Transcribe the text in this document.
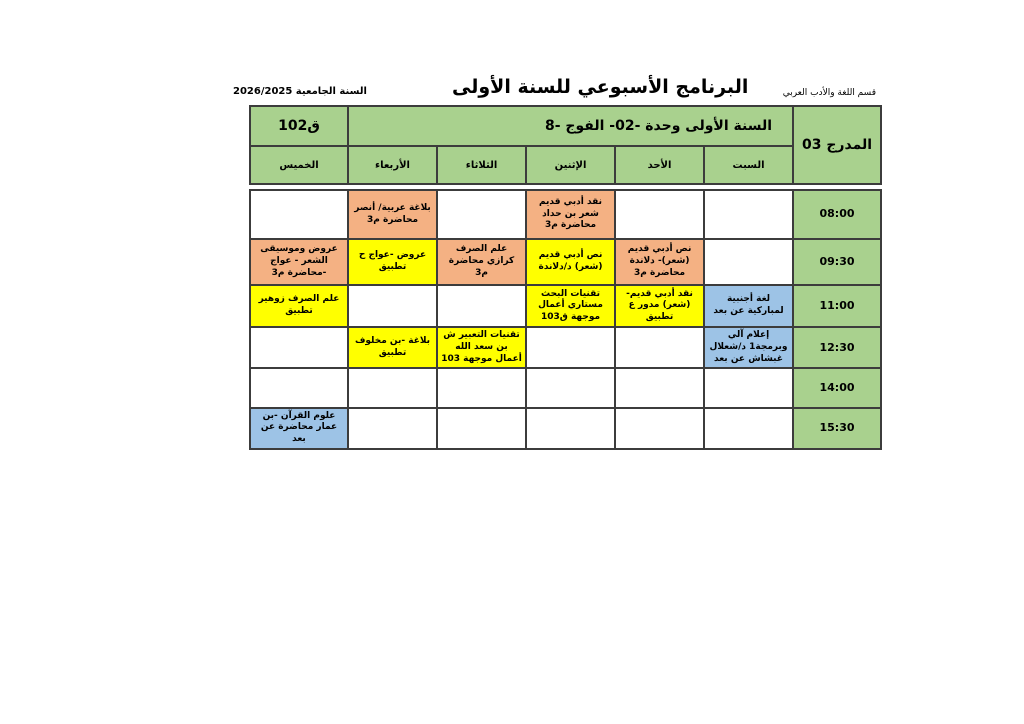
السنة الجامعية 2026/2025	البرنامج الأسبوعي للسنة الأولى	قسم اللغة والأدب العربي
المدرج 03	السنة الأولى وحدة -02- الفوج -8					ق102
	السبت	الأحد	الإثنين	الثلاثاء	الأربعاء	الخميس

08:00			نقد أدبي قديم شعر بن حداد محاضرة م3		بلاغة عربية/ أنصر محاضرة م3	
09:30		نص أدبي قديم (شعر)- دلاندة محاضرة م3	نص أدبي قديم (شعر) د/دلاندة	علم الصرف كرازي محاضرة م3	عروض -عواج ح تطبيق	عروض وموسيقى الشعر - عواج -محاضرة م3
11:00	لغة أجنبية لمباركية عن بعد	نقد أدبي قديم-(شعر) مدور ع تطبيق	تقنيات البحث مستاري أعمال موجهة ق103			علم الصرف زوهير تطبيق
12:30	إعلام آلي وبرمجة1 د/شعلال غبشاش عن بعد			تقنيات التعبير ش بن سعد الله أعمال موجهة 103	بلاغة -بن مخلوف تطبيق	
14:00						
15:30						علوم القرآن -بن عمار محاضرة عن بعد
